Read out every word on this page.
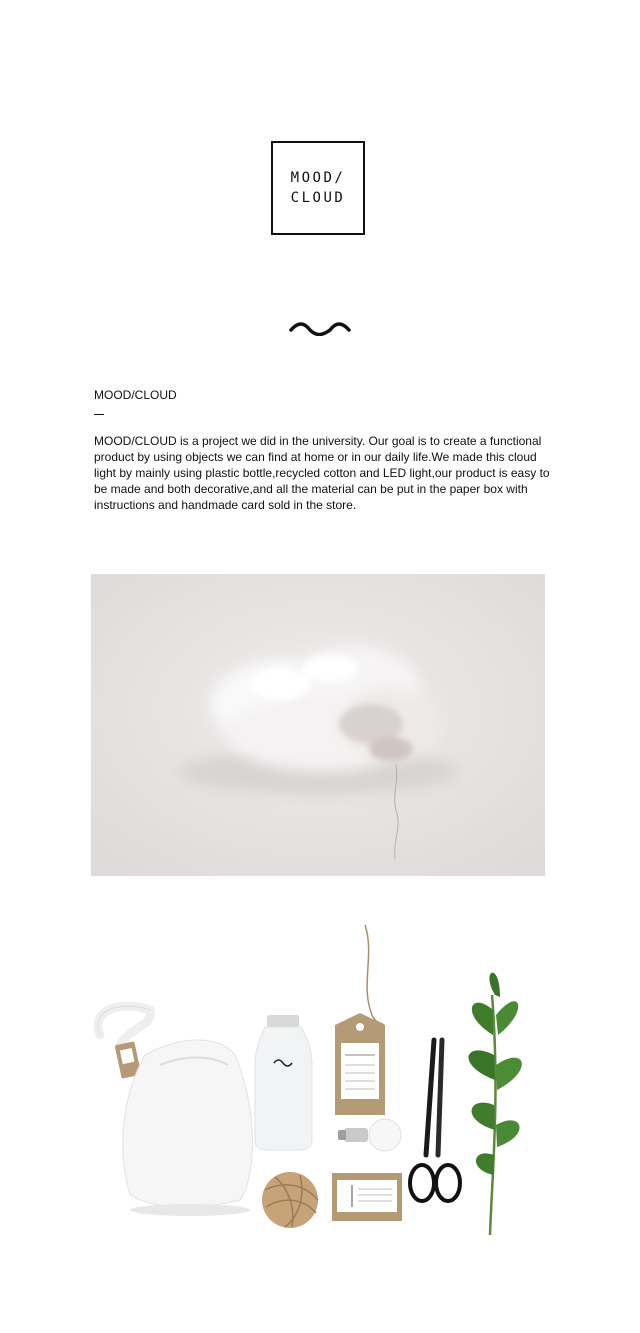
MOOD/
CLOUD
MOOD/CLOUD
MOOD/CLOUD is a project we did in the university. Our goal is to create a functional product by using objects we can find at home or in our daily life.We made this cloud light by mainly using plastic bottle,recycled cotton and LED light,our product is easy to be made and both decorative,and all the material can be put in the paper box with instructions and handmade card sold in the store.
